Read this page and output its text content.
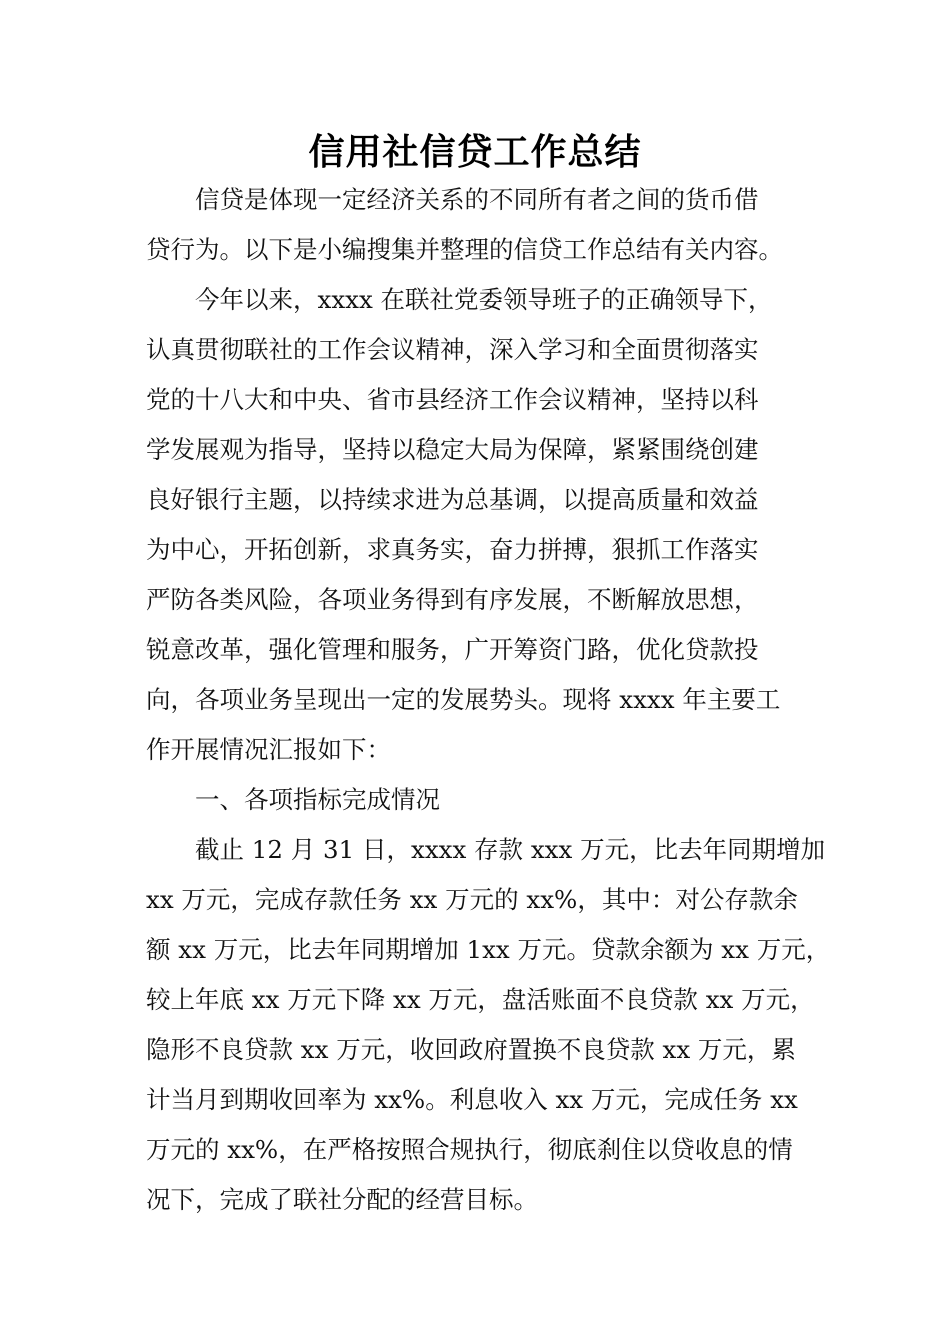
信用社信贷工作总结
信贷是体现一定经济关系的不同所有者之间的货币借
贷行为。以下是小编搜集并整理的信贷工作总结有关内容。
今年以来，xxxx 在联社党委领导班子的正确领导下，
认真贯彻联社的工作会议精神，深入学习和全面贯彻落实
党的十八大和中央、省市县经济工作会议精神，坚持以科
学发展观为指导，坚持以稳定大局为保障，紧紧围绕创建
良好银行主题，以持续求进为总基调，以提高质量和效益
为中心，开拓创新，求真务实，奋力拼搏，狠抓工作落实
严防各类风险，各项业务得到有序发展，不断解放思想，
锐意改革，强化管理和服务，广开筹资门路，优化贷款投
向，各项业务呈现出一定的发展势头。现将 xxxx 年主要工
作开展情况汇报如下：
一、各项指标完成情况
截止 12 月 31 日，xxxx 存款 xxx 万元，比去年同期增加
xx 万元，完成存款任务 xx 万元的 xx%，其中：对公存款余
额 xx 万元，比去年同期增加 1xx 万元。贷款余额为 xx 万元，
较上年底 xx 万元下降 xx 万元，盘活账面不良贷款 xx 万元，
隐形不良贷款 xx 万元，收回政府置换不良贷款 xx 万元，累
计当月到期收回率为 xx%。利息收入 xx 万元，完成任务 xx
万元的 xx%，在严格按照合规执行，彻底刹住以贷收息的情
况下，完成了联社分配的经营目标。
